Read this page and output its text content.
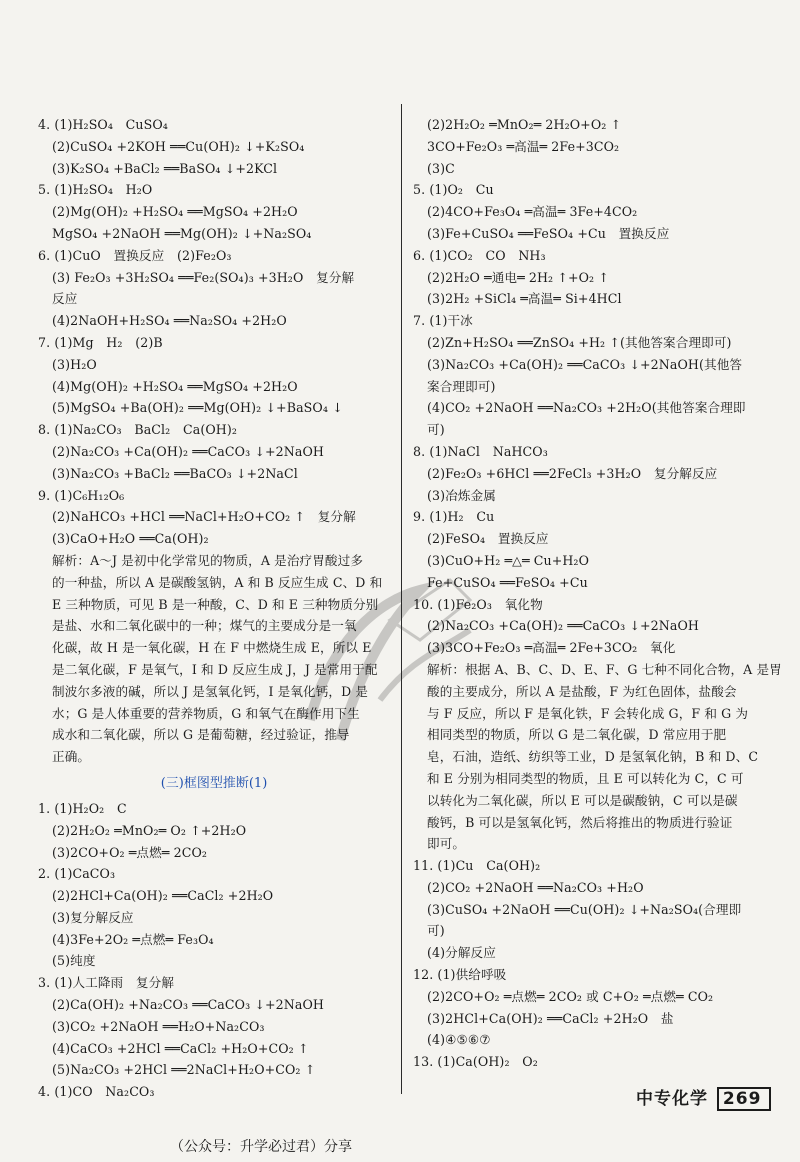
4. (1)H₂SO₄　CuSO₄
(2)CuSO₄ +2KOH ══Cu(OH)₂ ↓+K₂SO₄
(3)K₂SO₄ +BaCl₂ ══BaSO₄ ↓+2KCl
5. (1)H₂SO₄　H₂O
(2)Mg(OH)₂ +H₂SO₄ ══MgSO₄ +2H₂O
MgSO₄ +2NaOH ══Mg(OH)₂ ↓+Na₂SO₄
6. (1)CuO　置换反应　(2)Fe₂O₃
(3) Fe₂O₃ +3H₂SO₄ ══Fe₂(SO₄)₃ +3H₂O　复分解
反应
(4)2NaOH+H₂SO₄ ══Na₂SO₄ +2H₂O
7. (1)Mg　H₂　(2)B
(3)H₂O
(4)Mg(OH)₂ +H₂SO₄ ══MgSO₄ +2H₂O
(5)MgSO₄ +Ba(OH)₂ ══Mg(OH)₂ ↓+BaSO₄ ↓
8. (1)Na₂CO₃　BaCl₂　Ca(OH)₂
(2)Na₂CO₃ +Ca(OH)₂ ══CaCO₃ ↓+2NaOH
(3)Na₂CO₃ +BaCl₂ ══BaCO₃ ↓+2NaCl
9. (1)C₆H₁₂O₆
(2)NaHCO₃ +HCl ══NaCl+H₂O+CO₂ ↑　复分解
(3)CaO+H₂O ══Ca(OH)₂
解析：A～J 是初中化学常见的物质，A 是治疗胃酸过多
的一种盐，所以 A 是碳酸氢钠，A 和 B 反应生成 C、D 和
E 三种物质，可见 B 是一种酸，C、D 和 E 三种物质分别
是盐、水和二氧化碳中的一种；煤气的主要成分是一氧
化碳，故 H 是一氧化碳，H 在 F 中燃烧生成 E，所以 E
是二氧化碳，F 是氧气，I 和 D 反应生成 J，J 是常用于配
制波尔多液的碱，所以 J 是氢氧化钙，I 是氧化钙，D 是
水；G 是人体重要的营养物质，G 和氧气在酶作用下生
成水和二氧化碳，所以 G 是葡萄糖，经过验证，推导
正确。
(三)框图型推断(1)
1. (1)H₂O₂　C
(2)2H₂O₂ ═MnO₂═ O₂ ↑+2H₂O
(3)2CO+O₂ ═点燃═ 2CO₂
2. (1)CaCO₃
(2)2HCl+Ca(OH)₂ ══CaCl₂ +2H₂O
(3)复分解反应
(4)3Fe+2O₂ ═点燃═ Fe₃O₄
(5)纯度
3. (1)人工降雨　复分解
(2)Ca(OH)₂ +Na₂CO₃ ══CaCO₃ ↓+2NaOH
(3)CO₂ +2NaOH ══H₂O+Na₂CO₃
(4)CaCO₃ +2HCl ══CaCl₂ +H₂O+CO₂ ↑
(5)Na₂CO₃ +2HCl ══2NaCl+H₂O+CO₂ ↑
4. (1)CO　Na₂CO₃
(2)2H₂O₂ ═MnO₂═ 2H₂O+O₂ ↑
3CO+Fe₂O₃ ═高温═ 2Fe+3CO₂
(3)C
5. (1)O₂　Cu
(2)4CO+Fe₃O₄ ═高温═ 3Fe+4CO₂
(3)Fe+CuSO₄ ══FeSO₄ +Cu　置换反应
6. (1)CO₂　CO　NH₃
(2)2H₂O ═通电═ 2H₂ ↑+O₂ ↑
(3)2H₂ +SiCl₄ ═高温═ Si+4HCl
7. (1)干冰
(2)Zn+H₂SO₄ ══ZnSO₄ +H₂ ↑(其他答案合理即可)
(3)Na₂CO₃ +Ca(OH)₂ ══CaCO₃ ↓+2NaOH(其他答
案合理即可)
(4)CO₂ +2NaOH ══Na₂CO₃ +2H₂O(其他答案合理即
可)
8. (1)NaCl　NaHCO₃
(2)Fe₂O₃ +6HCl ══2FeCl₃ +3H₂O　复分解反应
(3)冶炼金属
9. (1)H₂　Cu
(2)FeSO₄　置换反应
(3)CuO+H₂ ═△═ Cu+H₂O
Fe+CuSO₄ ══FeSO₄ +Cu
10. (1)Fe₂O₃　氧化物
(2)Na₂CO₃ +Ca(OH)₂ ══CaCO₃ ↓+2NaOH
(3)3CO+Fe₂O₃ ═高温═ 2Fe+3CO₂　氧化
解析：根据 A、B、C、D、E、F、G 七种不同化合物，A 是胃
酸的主要成分，所以 A 是盐酸，F 为红色固体，盐酸会
与 F 反应，所以 F 是氧化铁，F 会转化成 G，F 和 G 为
相同类型的物质，所以 G 是二氧化碳，D 常应用于肥
皂，石油，造纸、纺织等工业，D 是氢氧化钠，B 和 D、C
和 E 分别为相同类型的物质，且 E 可以转化为 C，C 可
以转化为二氧化碳，所以 E 可以是碳酸钠，C 可以是碳
酸钙，B 可以是氢氧化钙，然后将推出的物质进行验证
即可。
11. (1)Cu　Ca(OH)₂
(2)CO₂ +2NaOH ══Na₂CO₃ +H₂O
(3)CuSO₄ +2NaOH ══Cu(OH)₂ ↓+Na₂SO₄(合理即
可)
(4)分解反应
12. (1)供给呼吸
(2)2CO+O₂ ═点燃═ 2CO₂ 或 C+O₂ ═点燃═ CO₂
(3)2HCl+Ca(OH)₂ ══CaCl₂ +2H₂O　盐
(4)④⑤⑥⑦
13. (1)Ca(OH)₂　O₂
中专化学 269
（公众号：升学必过君）分享
